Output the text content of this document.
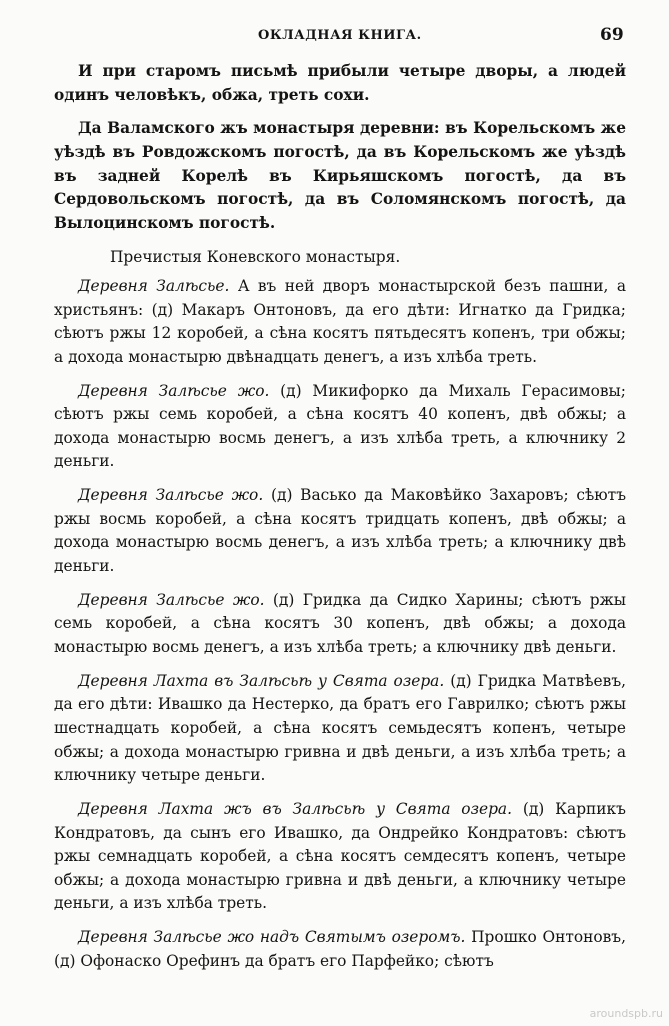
ОКЛАДНАЯ КНИГА.	69

И при старомъ письмѣ прибыли четыре дворы, а людей одинъ человѣкъ, обжа, треть сохи.

Да Валамского жъ монастыря деревни: въ Корельскомъ же уѣздѣ въ Ровдожскомъ погостѣ, да въ Корельскомъ же уѣздѣ въ задней Корелѣ въ Кирьяшскомъ погостѣ, да въ Сердовольскомъ погостѣ, да въ Соломянскомъ погостѣ, да Вылоцинскомъ погостѣ.

Пречистыя Коневского монастыря.

Деревня Залѣсье. А въ ней дворъ монастырской безъ пашни, а христьянъ: (д) Макаръ Онтоновъ, да его дѣти: Игнатко да Гридка; сѣютъ ржы 12 коробей, а сѣна косятъ пятьдесятъ копенъ, три обжы; а дохода монастырю двѣнадцать денегъ, а изъ хлѣба треть.

Деревня Залѣсье жо. (д) Микифорко да Михаль Герасимовы; сѣютъ ржы семь коробей, а сѣна косятъ 40 копенъ, двѣ обжы; а дохода монастырю восмь денегъ, а изъ хлѣба треть, а ключнику 2 деньги.

Деревня Залѣсье жо. (д) Васько да Маковѣйко Захаровъ; сѣютъ ржы восмь коробей, а сѣна косятъ тридцать копенъ, двѣ обжы; а дохода монастырю восмь денегъ, а изъ хлѣба треть; а ключнику двѣ деньги.

Деревня Залѣсье жо. (д) Гридка да Сидко Харины; сѣютъ ржы семь коробей, а сѣна косятъ 30 копенъ, двѣ обжы; а дохода монастырю восмь денегъ, а изъ хлѣба треть; а ключнику двѣ деньги.

Деревня Лахта въ Залѣсьѣ у Свята озера. (д) Гридка Матвѣевъ, да его дѣти: Ивашко да Нестерко, да братъ его Гаврилко; сѣютъ ржы шестнадцать коробей, а сѣна косятъ семьдесятъ копенъ, четыре обжы; а дохода монастырю гривна и двѣ деньги, а изъ хлѣба треть; а ключнику четыре деньги.

Деревня Лахта жъ въ Залѣсьѣ у Свята озера. (д) Карпикъ Кондратовъ, да сынъ его Ивашко, да Ондрейко Кондратовъ: сѣютъ ржы семнадцать коробей, а сѣна косятъ семдесятъ копенъ, четыре обжы; а дохода монастырю гривна и двѣ деньги, а ключнику четыре деньги, а изъ хлѣба треть.

Деревня Залѣсье жо надъ Святымъ озеромъ. Прошко Онтоновъ, (д) Офонаско Орефинъ да братъ его Парфейко; сѣютъ

aroundspb.ru
